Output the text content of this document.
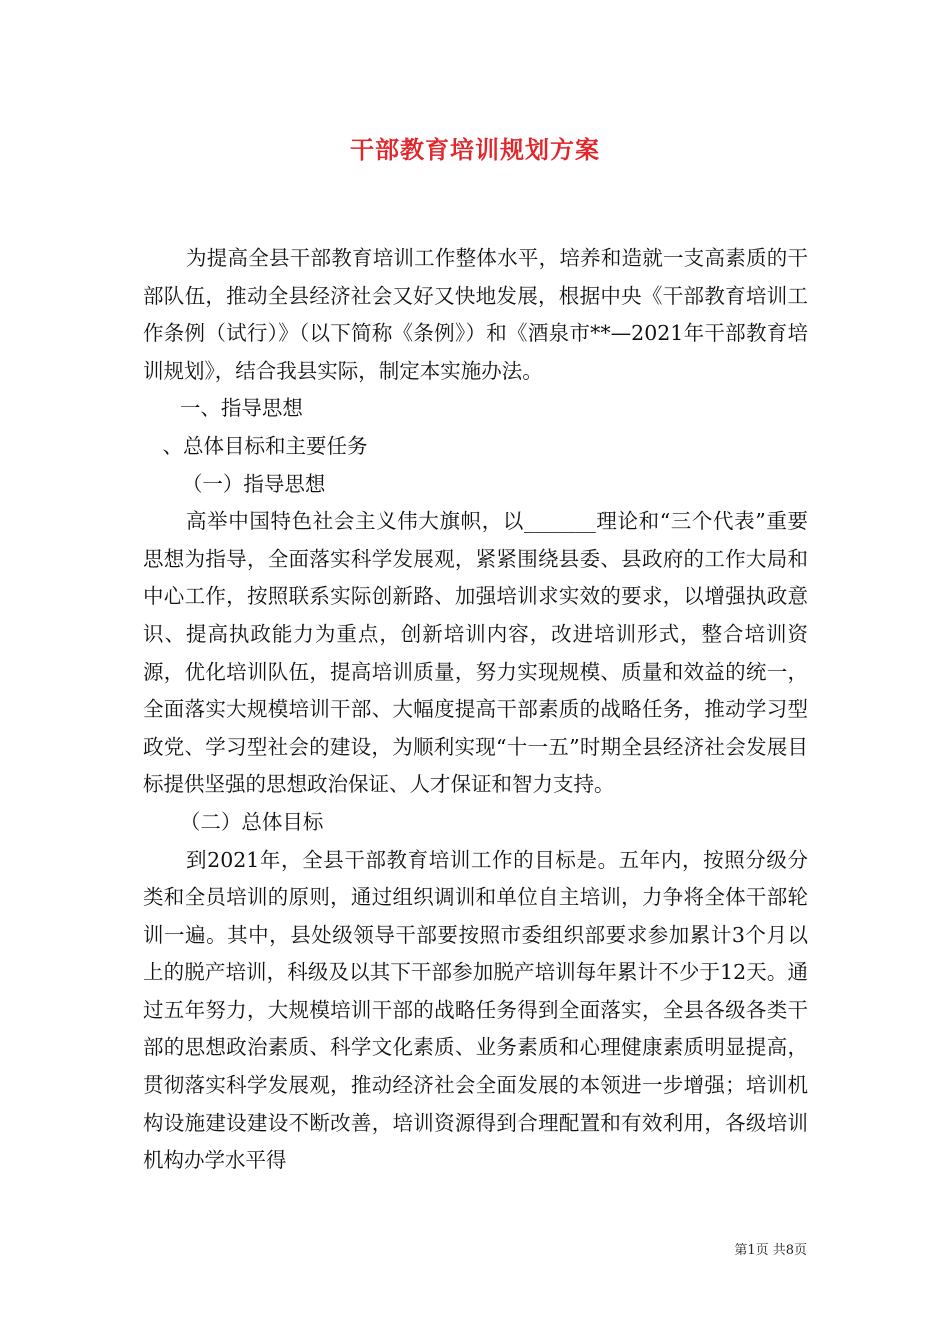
干部教育培训规划方案

为提高全县干部教育培训工作整体水平，培养和造就一支高素质的干部队伍，推动全县经济社会又好又快地发展，根据中央《干部教育培训工作条例（试行）》（以下简称《条例》）和《酒泉市**—2021年干部教育培训规划》，结合我县实际，制定本实施办法。

一、指导思想

、总体目标和主要任务

（一）指导思想

高举中国特色社会主义伟大旗帜，以_______理论和“三个代表”重要思想为指导，全面落实科学发展观，紧紧围绕县委、县政府的工作大局和中心工作，按照联系实际创新路、加强培训求实效的要求，以增强执政意识、提高执政能力为重点，创新培训内容，改进培训形式，整合培训资源，优化培训队伍，提高培训质量，努力实现规模、质量和效益的统一，全面落实大规模培训干部、大幅度提高干部素质的战略任务，推动学习型政党、学习型社会的建设，为顺利实现“十一五”时期全县经济社会发展目标提供坚强的思想政治保证、人才保证和智力支持。

（二）总体目标

到2021年，全县干部教育培训工作的目标是。五年内，按照分级分类和全员培训的原则，通过组织调训和单位自主培训，力争将全体干部轮训一遍。其中，县处级领导干部要按照市委组织部要求参加累计3个月以上的脱产培训，科级及以其下干部参加脱产培训每年累计不少于12天。通过五年努力，大规模培训干部的战略任务得到全面落实，全县各级各类干部的思想政治素质、科学文化素质、业务素质和心理健康素质明显提高，贯彻落实科学发展观，推动经济社会全面发展的本领进一步增强；培训机构设施建设建设不断改善，培训资源得到合理配置和有效利用，各级培训机构办学水平得

第1页 共8页
